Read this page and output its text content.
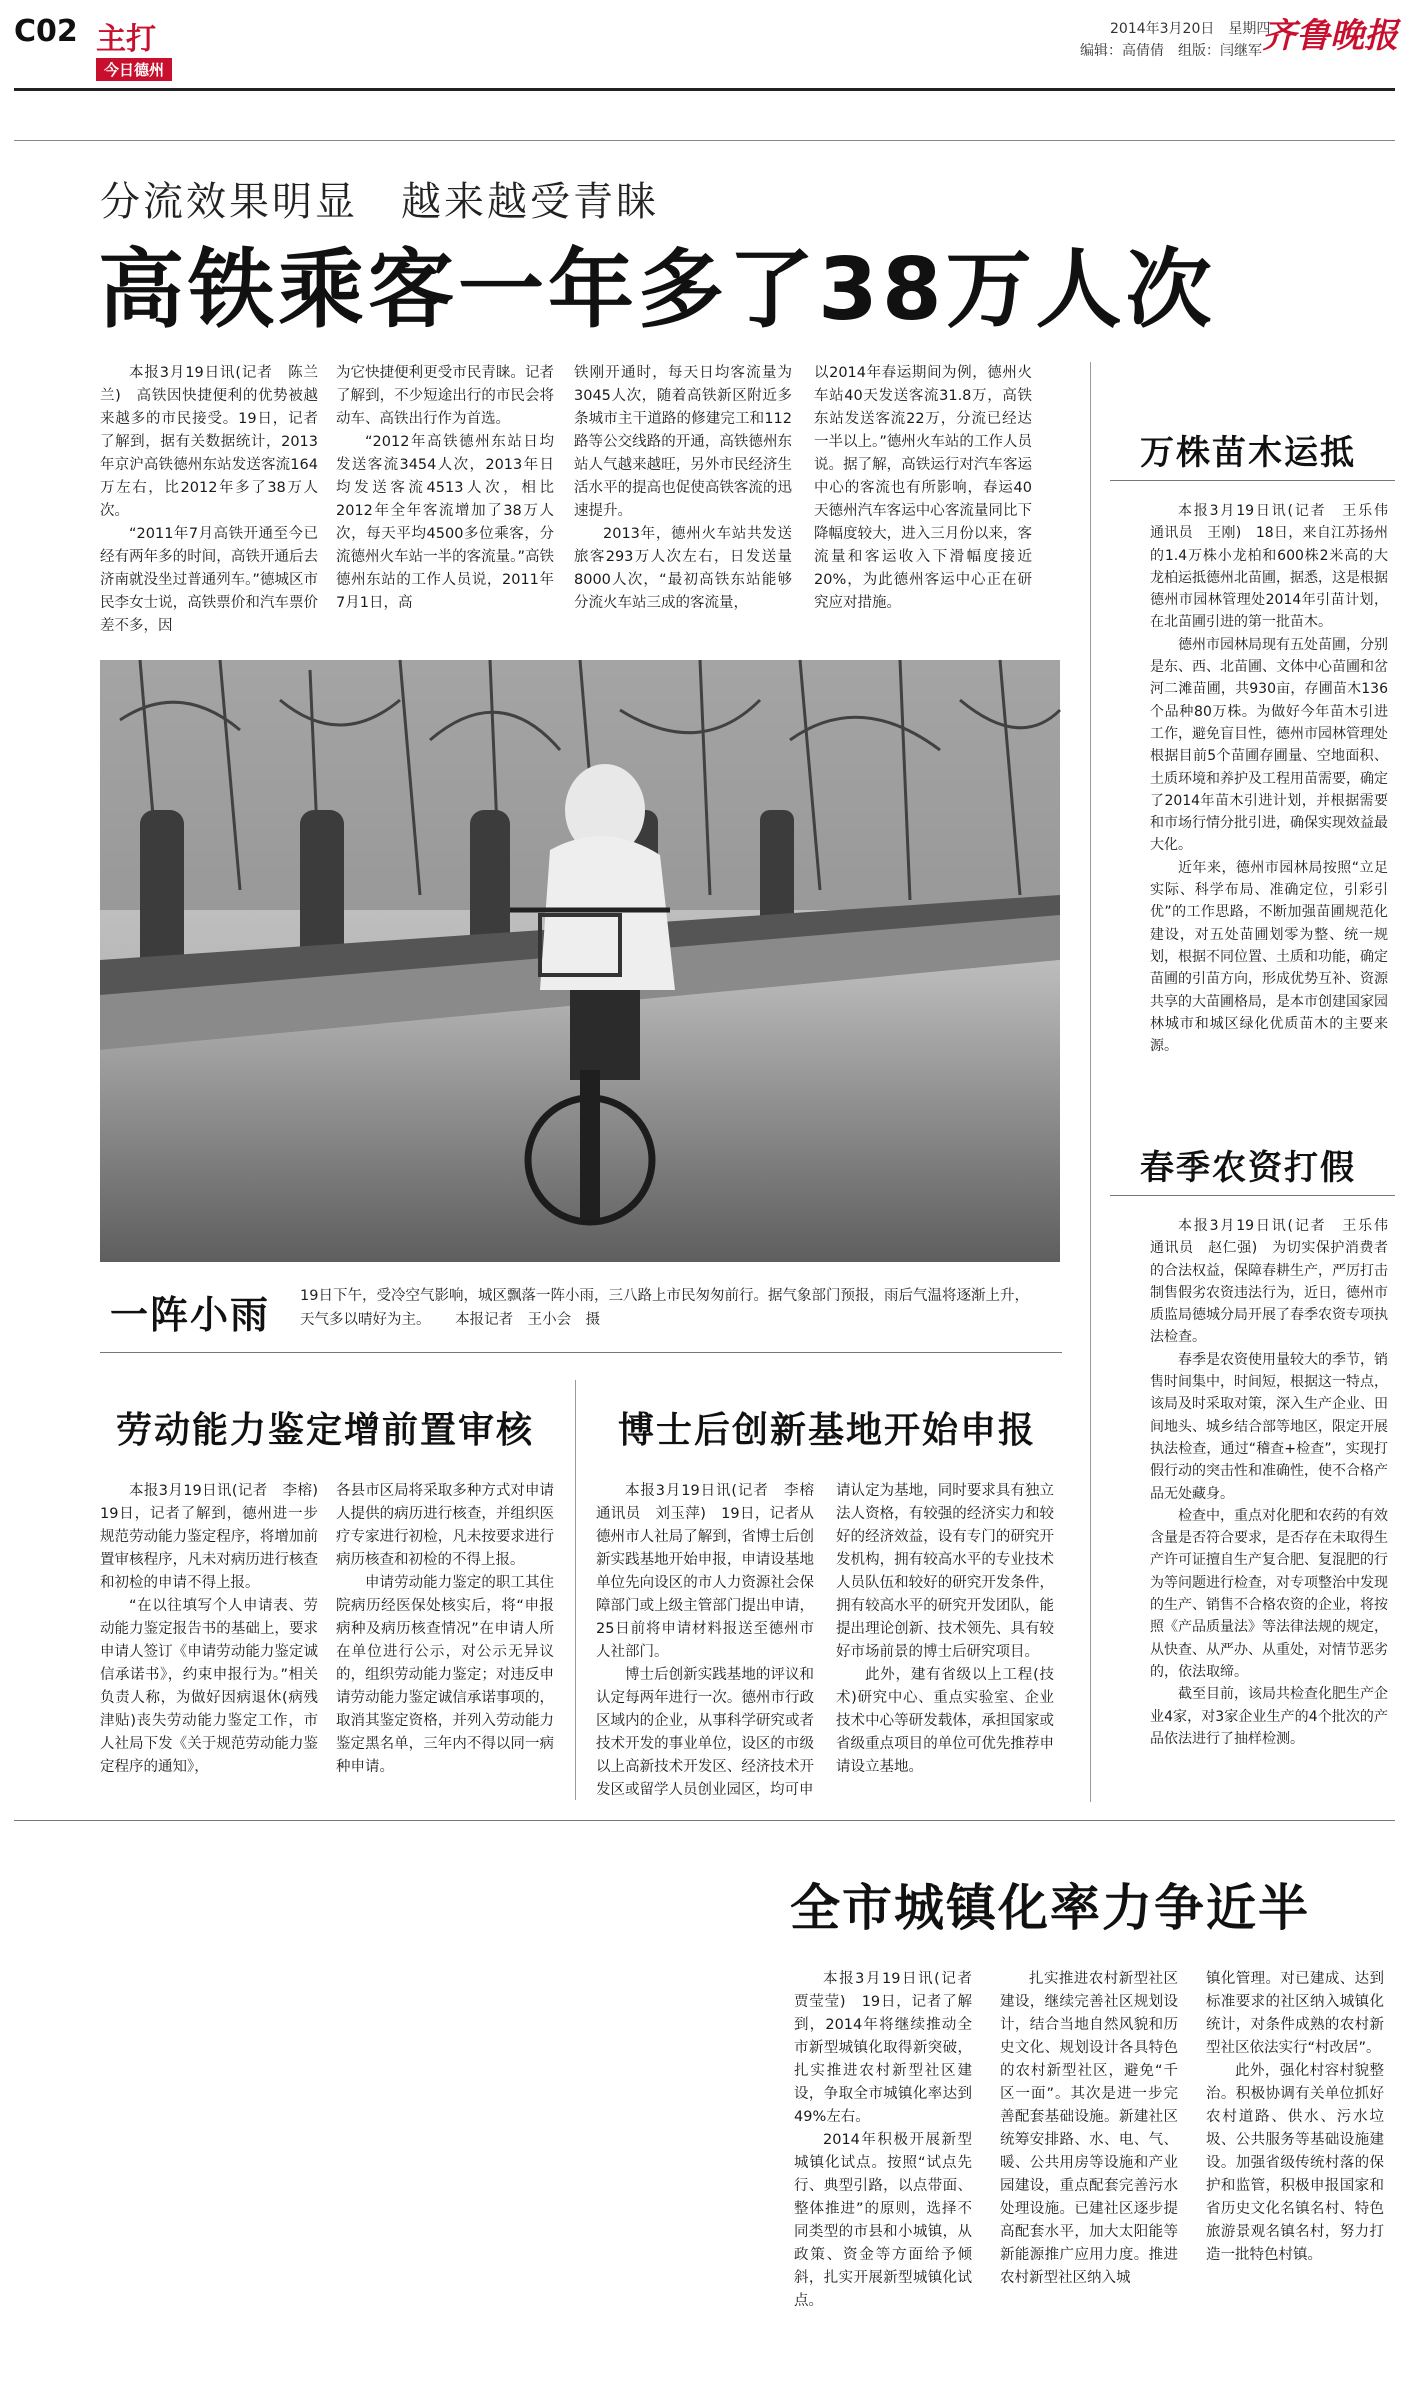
C02 主打
今日德州
2014年3月20日　星期四
编辑：高倩倩　组版：闫继军 齐鲁晚报
分流效果明显　越来越受青睐
高铁乘客一年多了38万人次

本报3月19日讯(记者　陈兰兰)　高铁因快捷便利的优势被越来越多的市民接受。19日，记者了解到，据有关数据统计，2013年京沪高铁德州东站发送客流164万左右，比2012年多了38万人次。

“2011年7月高铁开通至今已经有两年多的时间，高铁开通后去济南就没坐过普通列车。”德城区市民李女士说，高铁票价和汽车票价差不多，因

为它快捷便利更受市民青睐。记者了解到，不少短途出行的市民会将动车、高铁出行作为首选。

“2012年高铁德州东站日均发送客流3454人次，2013年日均发送客流4513人次，相比2012年全年客流增加了38万人次，每天平均4500多位乘客，分流德州火车站一半的客流量。”高铁德州东站的工作人员说，2011年7月1日，高

铁刚开通时，每天日均客流量为3045人次，随着高铁新区附近多条城市主干道路的修建完工和112路等公交线路的开通，高铁德州东站人气越来越旺，另外市民经济生活水平的提高也促使高铁客流的迅速提升。

2013年，德州火车站共发送旅客293万人次左右，日发送量8000人次，“最初高铁东站能够分流火车站三成的客流量，

以2014年春运期间为例，德州火车站40天发送客流31.8万，高铁东站发送客流22万，分流已经达一半以上。”德州火车站的工作人员说。据了解，高铁运行对汽车客运中心的客流也有所影响，春运40天德州汽车客运中心客流量同比下降幅度较大，进入三月份以来，客流量和客运收入下滑幅度接近20%，为此德州客运中心正在研究应对措施。

一阵小雨 19日下午，受冷空气影响，城区飘落一阵小雨，三八路上市民匆匆前行。据气象部门预报，雨后气温将逐渐上升，天气多以晴好为主。 本报记者　王小会　摄
万株苗木运抵

本报3月19日讯(记者　王乐伟　通讯员　王刚)　18日，来自江苏扬州的1.4万株小龙柏和600株2米高的大龙柏运抵德州北苗圃，据悉，这是根据德州市园林管理处2014年引苗计划，在北苗圃引进的第一批苗木。

德州市园林局现有五处苗圃，分别是东、西、北苗圃、文体中心苗圃和岔河二滩苗圃，共930亩，存圃苗木136个品种80万株。为做好今年苗木引进工作，避免盲目性，德州市园林管理处根据目前5个苗圃存圃量、空地面积、土质环境和养护及工程用苗需要，确定了2014年苗木引进计划，并根据需要和市场行情分批引进，确保实现效益最大化。

近年来，德州市园林局按照“立足实际、科学布局、准确定位，引彩引优”的工作思路，不断加强苗圃规范化建设，对五处苗圃划零为整、统一规划，根据不同位置、土质和功能，确定苗圃的引苗方向，形成优势互补、资源共享的大苗圃格局，是本市创建国家园林城市和城区绿化优质苗木的主要来源。

春季农资打假

本报3月19日讯(记者　王乐伟　通讯员　赵仁强)　为切实保护消费者的合法权益，保障春耕生产，严厉打击制售假劣农资违法行为，近日，德州市质监局德城分局开展了春季农资专项执法检查。

春季是农资使用量较大的季节，销售时间集中，时间短，根据这一特点，该局及时采取对策，深入生产企业、田间地头、城乡结合部等地区，限定开展执法检查，通过“稽查+检查”，实现打假行动的突击性和准确性，使不合格产品无处藏身。

检查中，重点对化肥和农药的有效含量是否符合要求，是否存在未取得生产许可证擅自生产复合肥、复混肥的行为等问题进行检查，对专项整治中发现的生产、销售不合格农资的企业，将按照《产品质量法》等法律法规的规定，从快查、从严办、从重处，对情节恶劣的，依法取缔。

截至目前，该局共检查化肥生产企业4家，对3家企业生产的4个批次的产品依法进行了抽样检测。

劳动能力鉴定增前置审核

本报3月19日讯(记者　李榕)　19日，记者了解到，德州进一步规范劳动能力鉴定程序，将增加前置审核程序，凡未对病历进行核查和初检的申请不得上报。

“在以往填写个人申请表、劳动能力鉴定报告书的基础上，要求申请人签订《申请劳动能力鉴定诚信承诺书》，约束申报行为。”相关负责人称，为做好因病退休(病残津贴)丧失劳动能力鉴定工作，市人社局下发《关于规范劳动能力鉴定程序的通知》，

各县市区局将采取多种方式对申请人提供的病历进行核查，并组织医疗专家进行初检，凡未按要求进行病历核查和初检的不得上报。

申请劳动能力鉴定的职工其住院病历经医保处核实后，将“申报病种及病历核查情况”在申请人所在单位进行公示，对公示无异议的，组织劳动能力鉴定；对违反申请劳动能力鉴定诚信承诺事项的，取消其鉴定资格，并列入劳动能力鉴定黑名单，三年内不得以同一病种申请。

博士后创新基地开始申报

本报3月19日讯(记者　李榕　通讯员　刘玉萍)　19日，记者从德州市人社局了解到，省博士后创新实践基地开始申报，申请设基地单位先向设区的市人力资源社会保障部门或上级主管部门提出申请，25日前将申请材料报送至德州市人社部门。

博士后创新实践基地的评议和认定每两年进行一次。德州市行政区域内的企业，从事科学研究或者技术开发的事业单位，设区的市级以上高新技术开发区、经济技术开发区或留学人员创业园区，均可申

请认定为基地，同时要求具有独立法人资格，有较强的经济实力和较好的经济效益，设有专门的研究开发机构，拥有较高水平的专业技术人员队伍和较好的研究开发条件，拥有较高水平的研究开发团队，能提出理论创新、技术领先、具有较好市场前景的博士后研究项目。

此外，建有省级以上工程(技术)研究中心、重点实验室、企业技术中心等研发载体，承担国家或省级重点项目的单位可优先推荐申请设立基地。

全市城镇化率力争近半

本报3月19日讯(记者　贾莹莹)　19日，记者了解到，2014年将继续推动全市新型城镇化取得新突破，扎实推进农村新型社区建设，争取全市城镇化率达到49%左右。

2014年积极开展新型城镇化试点。按照“试点先行、典型引路，以点带面、整体推进”的原则，选择不同类型的市县和小城镇，从政策、资金等方面给予倾斜，扎实开展新型城镇化试点。

扎实推进农村新型社区建设，继续完善社区规划设计，结合当地自然风貌和历史文化、规划设计各具特色的农村新型社区，避免“千区一面”。其次是进一步完善配套基础设施。新建社区统筹安排路、水、电、气、暖、公共用房等设施和产业园建设，重点配套完善污水处理设施。已建社区逐步提高配套水平，加大太阳能等新能源推广应用力度。推进农村新型社区纳入城

镇化管理。对已建成、达到标准要求的社区纳入城镇化统计，对条件成熟的农村新型社区依法实行“村改居”。

此外，强化村容村貌整治。积极协调有关单位抓好农村道路、供水、污水垃圾、公共服务等基础设施建设。加强省级传统村落的保护和监管，积极申报国家和省历史文化名镇名村、特色旅游景观名镇名村，努力打造一批特色村镇。
